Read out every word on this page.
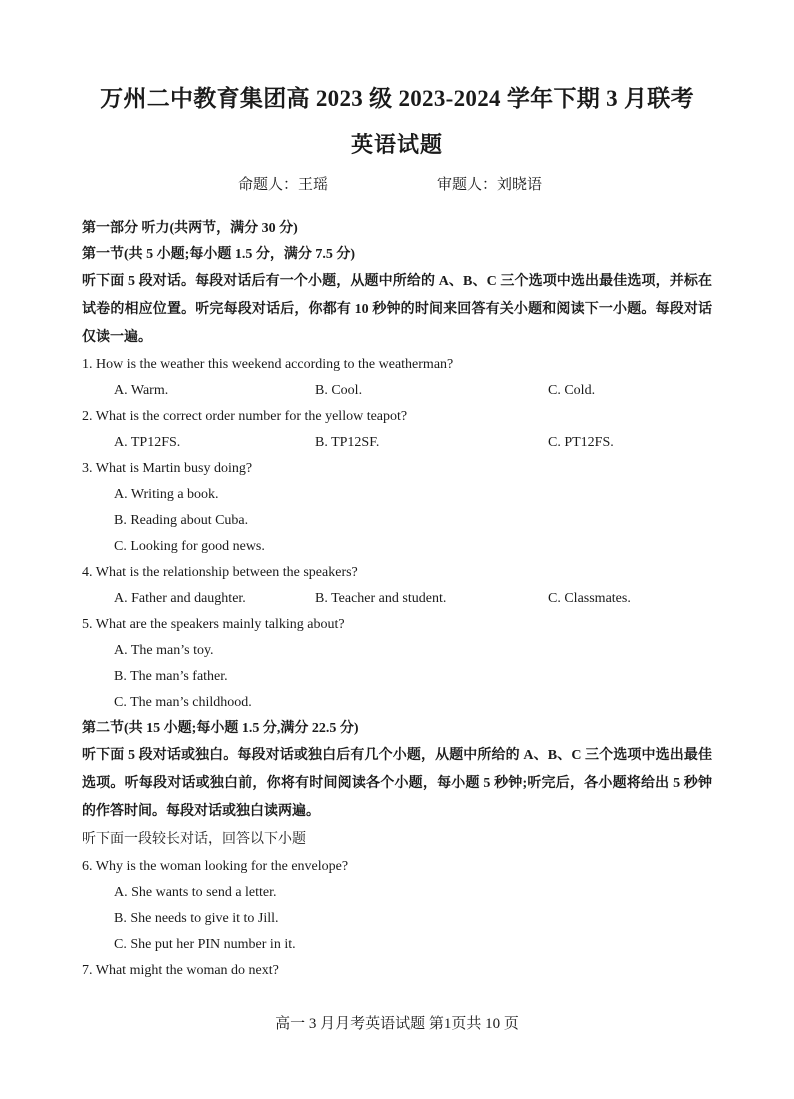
万州二中教育集团高 2023 级 2023-2024 学年下期 3 月联考
英语试题
命题人：王瑶	审题人：刘晓语
第一部分 听力(共两节，满分 30 分)
第一节(共 5 小题;每小题 1.5 分，满分 7.5 分)
听下面 5 段对话。每段对话后有一个小题，从题中所给的 A、B、C 三个选项中选出最佳选项，并标在试卷的相应位置。听完每段对话后，你都有 10 秒钟的时间来回答有关小题和阅读下一小题。每段对话仅读一遍。
1. How is the weather this weekend according to the weatherman?
A. Warm.	B. Cool.	C. Cold.
2. What is the correct order number for the yellow teapot?
A. TP12FS.	B. TP12SF.	C. PT12FS.
3. What is Martin busy doing?
A. Writing a book.
B. Reading about Cuba.
C. Looking for good news.
4. What is the relationship between the speakers?
A. Father and daughter.	B. Teacher and student.	C. Classmates.
5. What are the speakers mainly talking about?
A. The man’s toy.
B. The man’s father.
C. The man’s childhood.
第二节(共 15 小题;每小题 1.5 分,满分 22.5 分)
听下面 5 段对话或独白。每段对话或独白后有几个小题，从题中所给的 A、B、C 三个选项中选出最佳选项。听每段对话或独白前，你将有时间阅读各个小题，每小题 5 秒钟;听完后，各小题将给出 5 秒钟的作答时间。每段对话或独白读两遍。
听下面一段较长对话，回答以下小题
6. Why is the woman looking for the envelope?
A. She wants to send a letter.
B. She needs to give it to Jill.
C. She put her PIN number in it.
7. What might the woman do next?
高一 3 月月考英语试题 第1页共 10 页
